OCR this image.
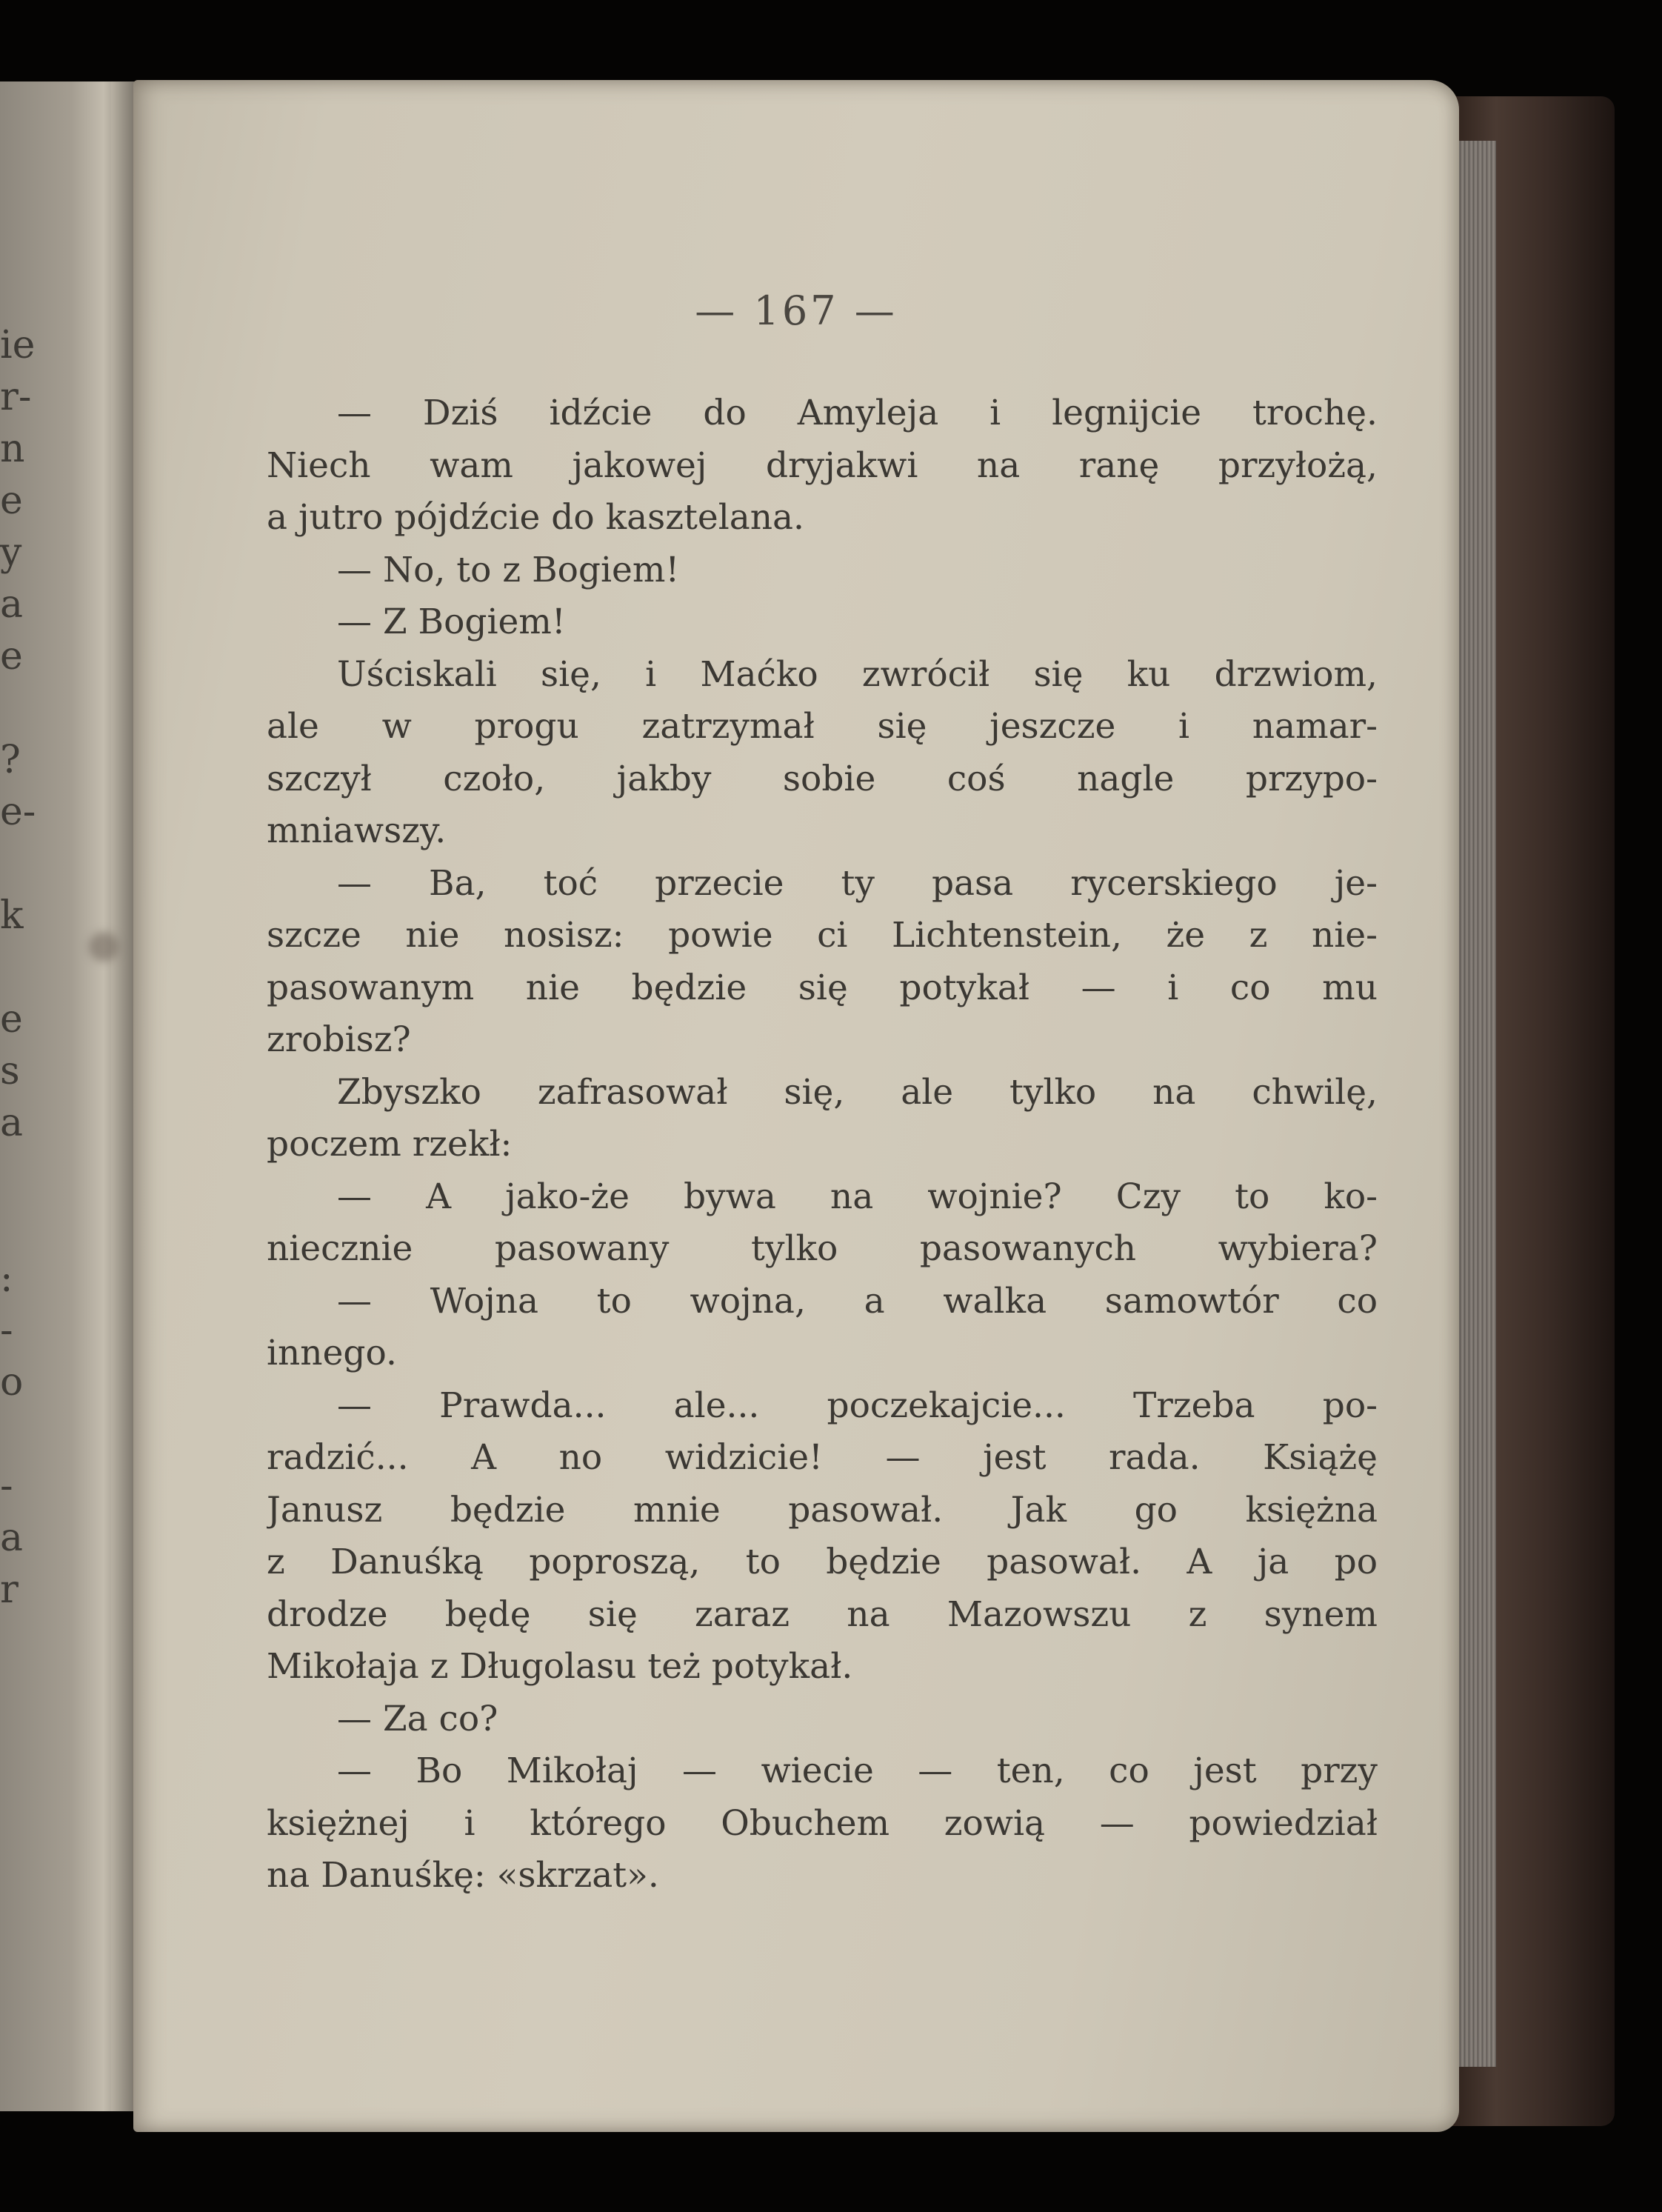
ie
r-
n
e
y
a
e
?
e-
k
e
s
a
:
-
o
-
a
r
— 167 —
— Dziś idźcie do Amyleja i legnijcie trochę.
Niech wam jakowej dryjakwi na ranę przyłożą,
a jutro pójdźcie do kasztelana.
— No, to z Bogiem!
— Z Bogiem!
Uściskali się, i Maćko zwrócił się ku drzwiom,
ale w progu zatrzymał się jeszcze i namar-
szczył czoło, jakby sobie coś nagle przypo-
mniawszy.
— Ba, toć przecie ty pasa rycerskiego je-
szcze nie nosisz: powie ci Lichtenstein, że z nie-
pasowanym nie będzie się potykał — i co mu
zrobisz?
Zbyszko zafrasował się, ale tylko na chwilę,
poczem rzekł:
— A jako-że bywa na wojnie? Czy to ko-
niecznie pasowany tylko pasowanych wybiera?
— Wojna to wojna, a walka samowtór co
innego.
— Prawda... ale... poczekajcie... Trzeba po-
radzić... A no widzicie! — jest rada. Książę
Janusz będzie mnie pasował. Jak go księżna
z Danuśką poproszą, to będzie pasował. A ja po
drodze będę się zaraz na Mazowszu z synem
Mikołaja z Długolasu też potykał.
— Za co?
— Bo Mikołaj — wiecie — ten, co jest przy
księżnej i którego Obuchem zowią — powiedział
na Danuśkę: «skrzat».
